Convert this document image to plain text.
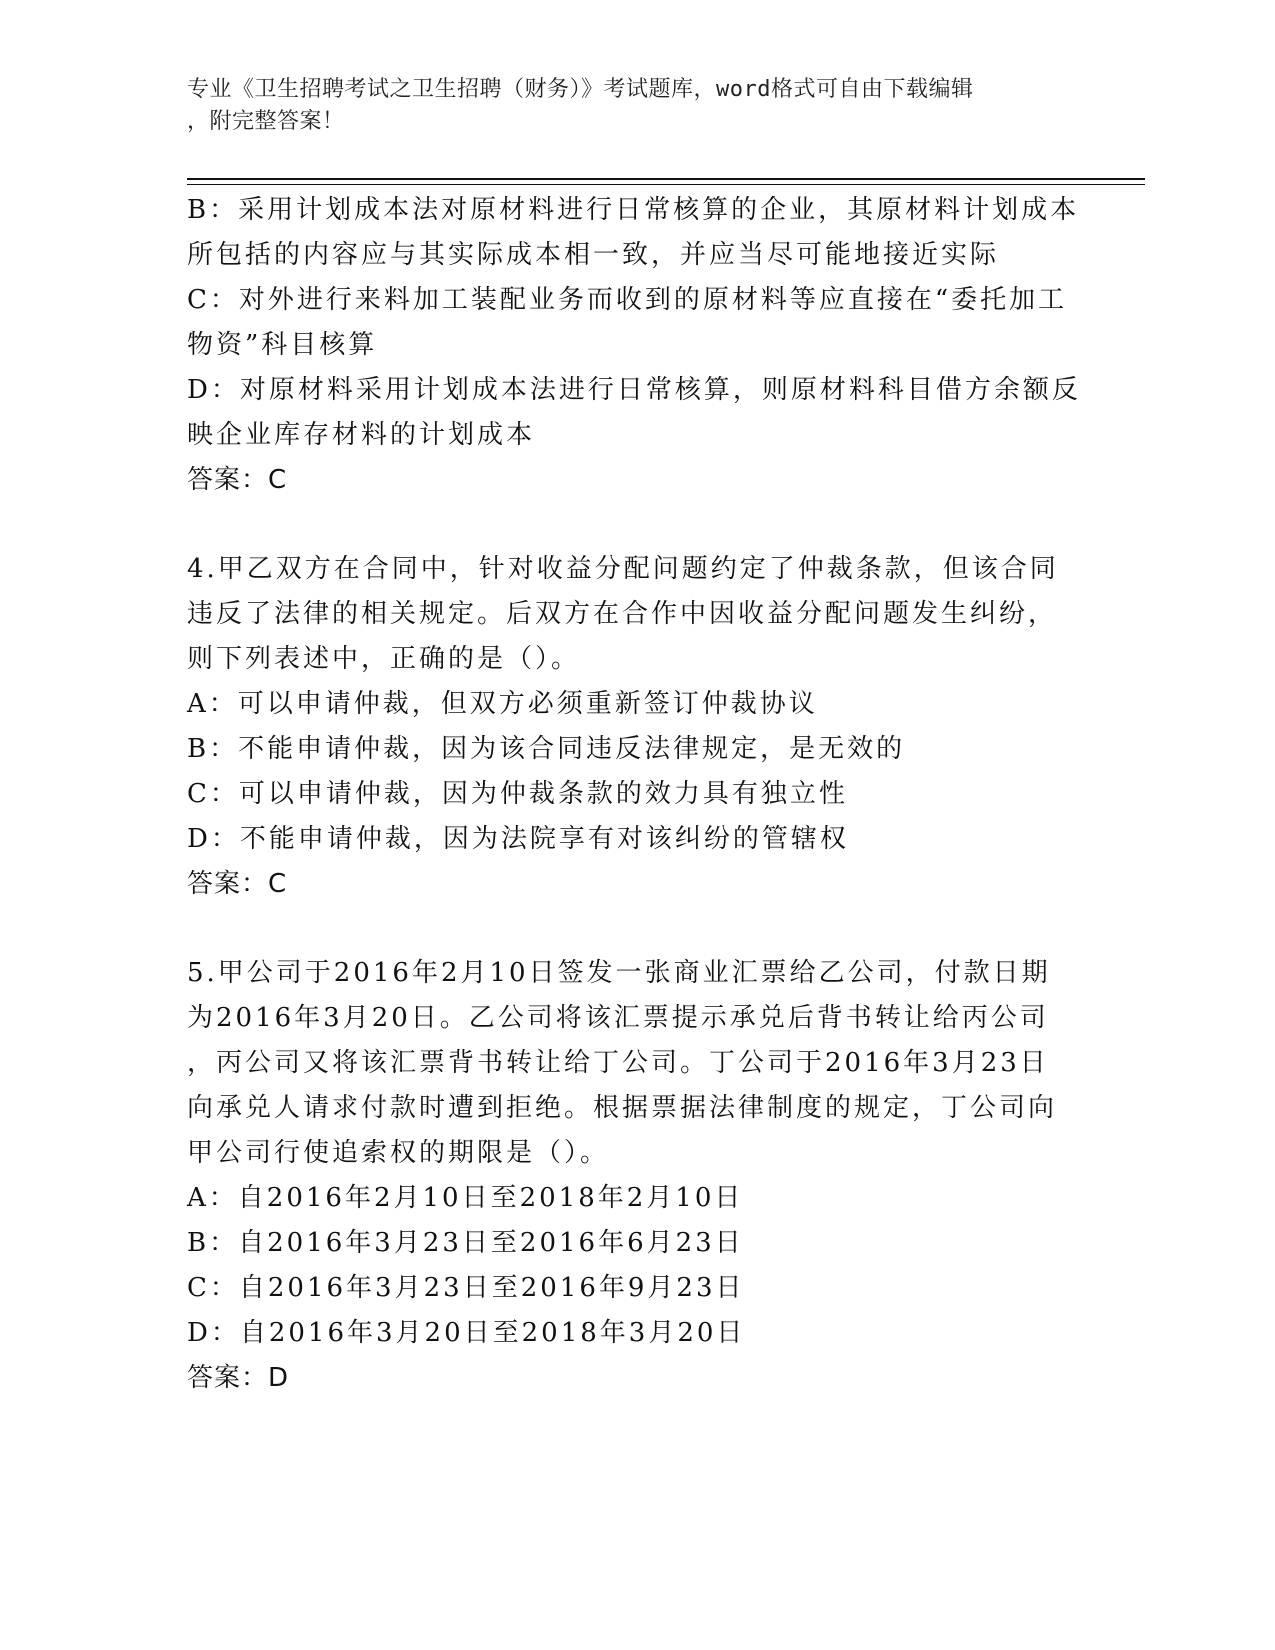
专业《卫生招聘考试之卫生招聘（财务）》考试题库，word格式可自由下载编辑
，附完整答案！
B：采用计划成本法对原材料进行日常核算的企业，其原材料计划成本
所包括的内容应与其实际成本相一致，并应当尽可能地接近实际
C：对外进行来料加工装配业务而收到的原材料等应直接在“委托加工
物资”科目核算
D：对原材料采用计划成本法进行日常核算，则原材料科目借方余额反
映企业库存材料的计划成本
答案：C
4.甲乙双方在合同中，针对收益分配问题约定了仲裁条款，但该合同
违反了法律的相关规定。后双方在合作中因收益分配问题发生纠纷，
则下列表述中，正确的是（）。
A：可以申请仲裁，但双方必须重新签订仲裁协议
B：不能申请仲裁，因为该合同违反法律规定，是无效的
C：可以申请仲裁，因为仲裁条款的效力具有独立性
D：不能申请仲裁，因为法院享有对该纠纷的管辖权
答案：C
5.甲公司于2016年2月10日签发一张商业汇票给乙公司，付款日期
为2016年3月20日。乙公司将该汇票提示承兑后背书转让给丙公司
，丙公司又将该汇票背书转让给丁公司。丁公司于2016年3月23日
向承兑人请求付款时遭到拒绝。根据票据法律制度的规定，丁公司向
甲公司行使追索权的期限是（）。
A：自2016年2月10日至2018年2月10日
B：自2016年3月23日至2016年6月23日
C：自2016年3月23日至2016年9月23日
D：自2016年3月20日至2018年3月20日
答案：D
